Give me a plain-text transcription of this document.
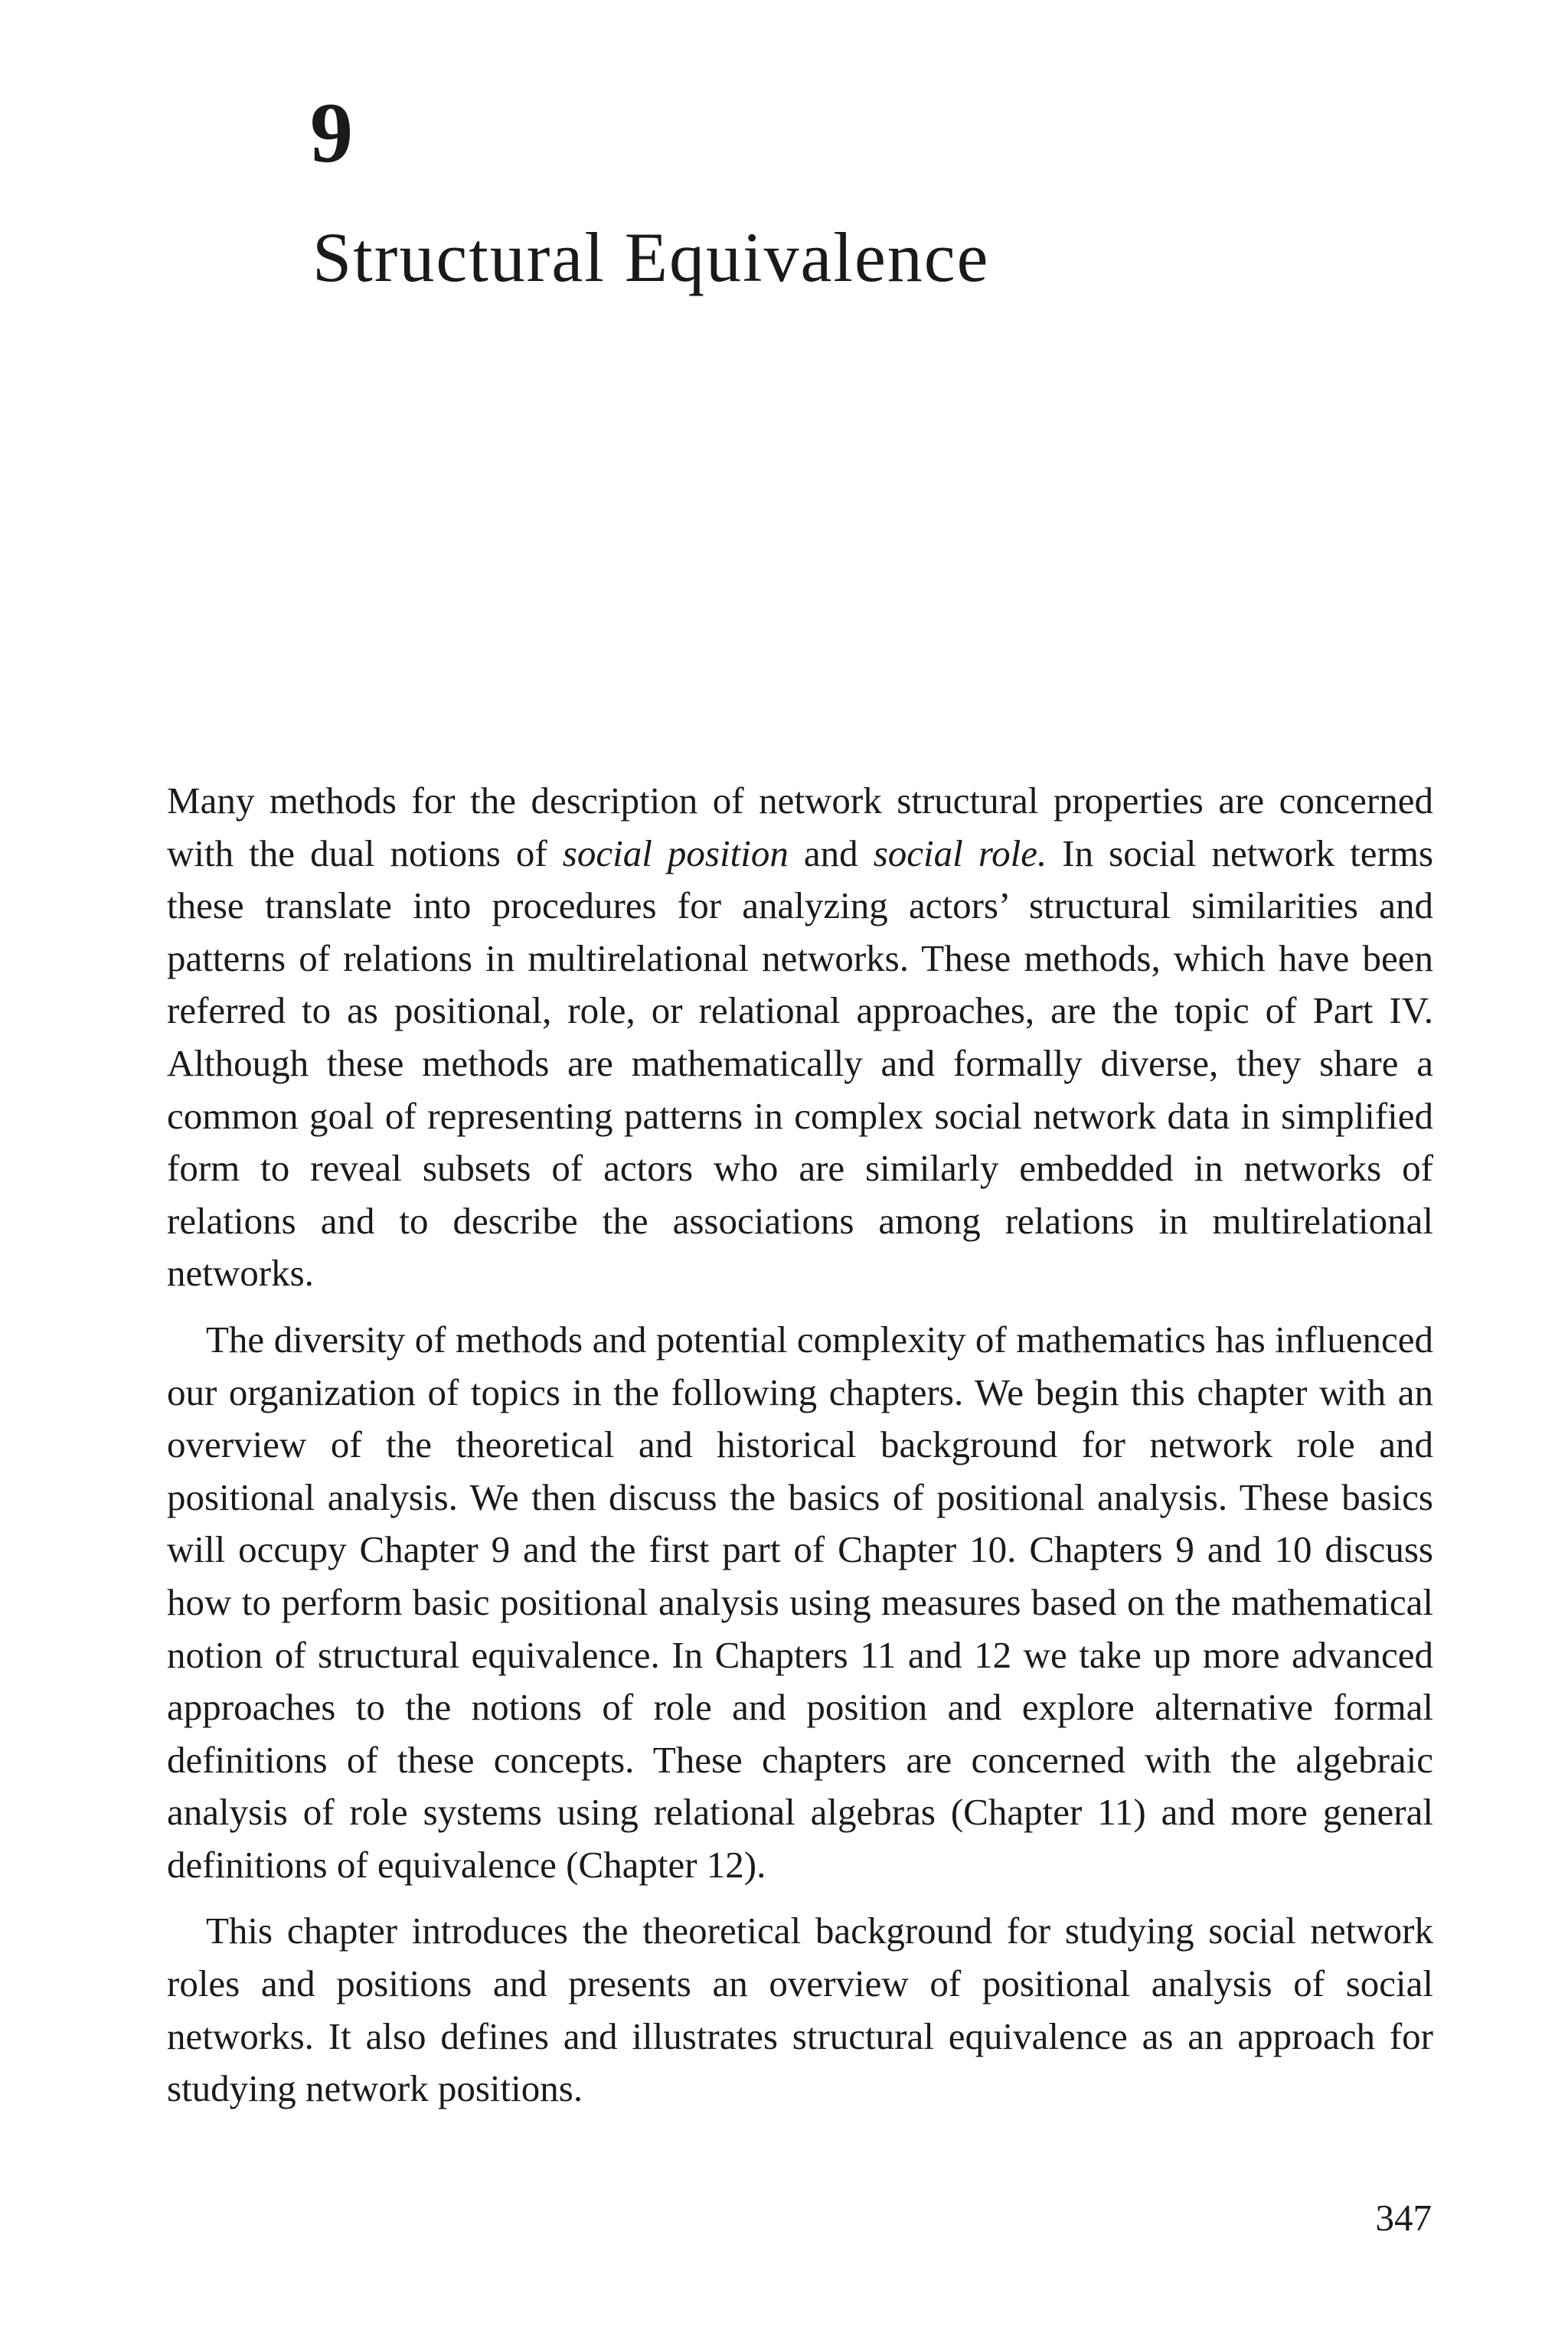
9
Structural Equivalence

Many methods for the description of network structural properties are concerned with the dual notions of social position and social role. In social network terms these translate into procedures for analyzing actors’ structural similarities and patterns of relations in multirelational networks. These methods, which have been referred to as positional, role, or relational approaches, are the topic of Part IV. Although these methods are mathematically and formally diverse, they share a common goal of representing patterns in complex social network data in simplified form to reveal subsets of actors who are similarly embedded in networks of relations and to describe the associations among relations in multirelational networks.

The diversity of methods and potential complexity of mathematics has influenced our organization of topics in the following chapters. We begin this chapter with an overview of the theoretical and historical background for network role and positional analysis. We then discuss the basics of positional analysis. These basics will occupy Chapter 9 and the first part of Chapter 10. Chapters 9 and 10 discuss how to perform basic positional analysis using measures based on the mathematical notion of structural equivalence. In Chapters 11 and 12 we take up more advanced approaches to the notions of role and position and explore alternative formal definitions of these concepts. These chapters are concerned with the algebraic analysis of role systems using relational algebras (Chapter 11) and more general definitions of equivalence (Chapter 12).

This chapter introduces the theoretical background for studying social network roles and positions and presents an overview of positional analysis of social networks. It also defines and illustrates structural equivalence as an approach for studying network positions.

347
